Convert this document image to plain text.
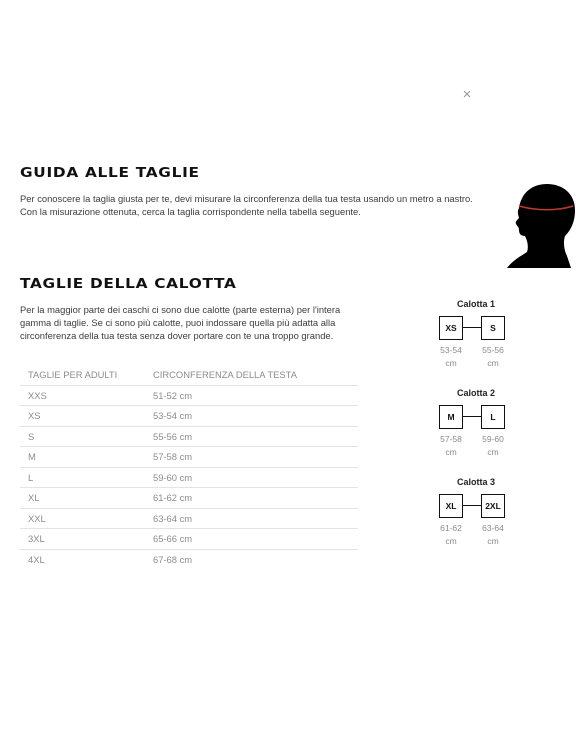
×
GUIDA ALLE TAGLIE

Per conoscere la taglia giusta per te, devi misurare la circonferenza della tua testa usando un metro a nastro. Con la misurazione ottenuta, cerca la taglia corrispondente nella tabella seguente.

TAGLIE DELLA CALOTTA

Per la maggior parte dei caschi ci sono due calotte (parte esterna) per l'intera gamma di taglie. Se ci sono più calotte, puoi indossare quella più adatta alla circonferenza della tua testa senza dover portare con te una troppo grande.

TAGLIE PER ADULTI	CIRCONFERENZA DELLA TESTA
XXS	51-52 cm
XS	53-54 cm
S	55-56 cm
M	57-58 cm
L	59-60 cm
XL	61-62 cm
XXL	63-64 cm
3XL	65-66 cm
4XL	67-68 cm

Calotta 1

XS	S
53-54 cm
55-56 cm

Calotta 2

M	L
57-58 cm
59-60 cm

Calotta 3

XL	2XL
61-62 cm
63-64 cm
